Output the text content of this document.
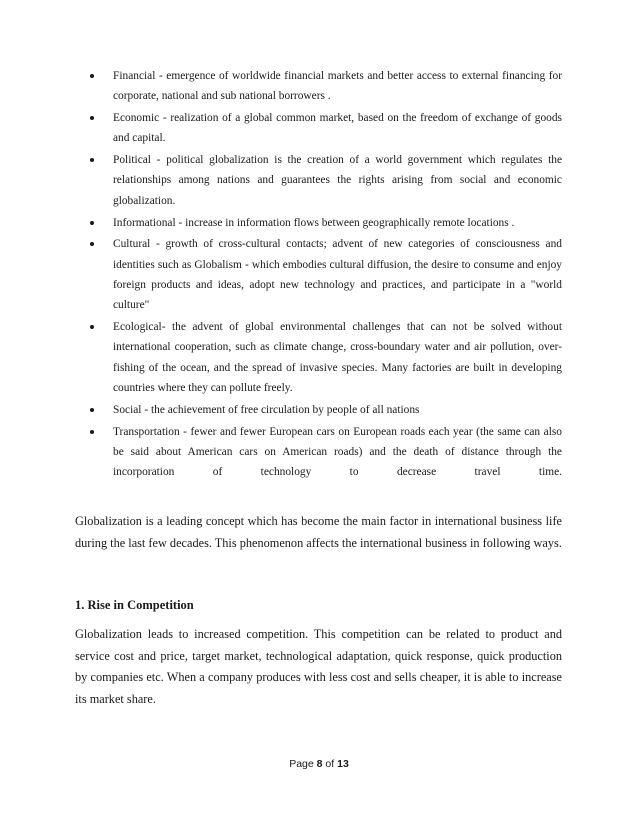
Financial - emergence of worldwide financial markets and better access to external financing for corporate, national and sub national borrowers .
Economic - realization of a global common market, based on the freedom of exchange of goods and capital.
Political - political globalization is the creation of a world government which regulates the relationships among nations and guarantees the rights arising from social and economic globalization.
Informational - increase in information flows between geographically remote locations .
Cultural - growth of cross-cultural contacts; advent of new categories of consciousness and identities such as Globalism - which embodies cultural diffusion, the desire to consume and enjoy foreign products and ideas, adopt new technology and practices, and participate in a "world culture"
Ecological- the advent of global environmental challenges that can not be solved without international cooperation, such as climate change, cross-boundary water and air pollution, over-fishing of the ocean, and the spread of invasive species. Many factories are built in developing countries where they can pollute freely.
Social - the achievement of free circulation by people of all nations
Transportation - fewer and fewer European cars on European roads each year (the same can also be said about American cars on American roads) and the death of distance through the incorporation of technology to decrease travel time.

Globalization is a leading concept which has become the main factor in international business life during the last few decades. This phenomenon affects the international business in following ways.

1. Rise in Competition

Globalization leads to increased competition. This competition can be related to product and service cost and price, target market, technological adaptation, quick response, quick production by companies etc. When a company produces with less cost and sells cheaper, it is able to increase its market share.

Page 8 of 13
